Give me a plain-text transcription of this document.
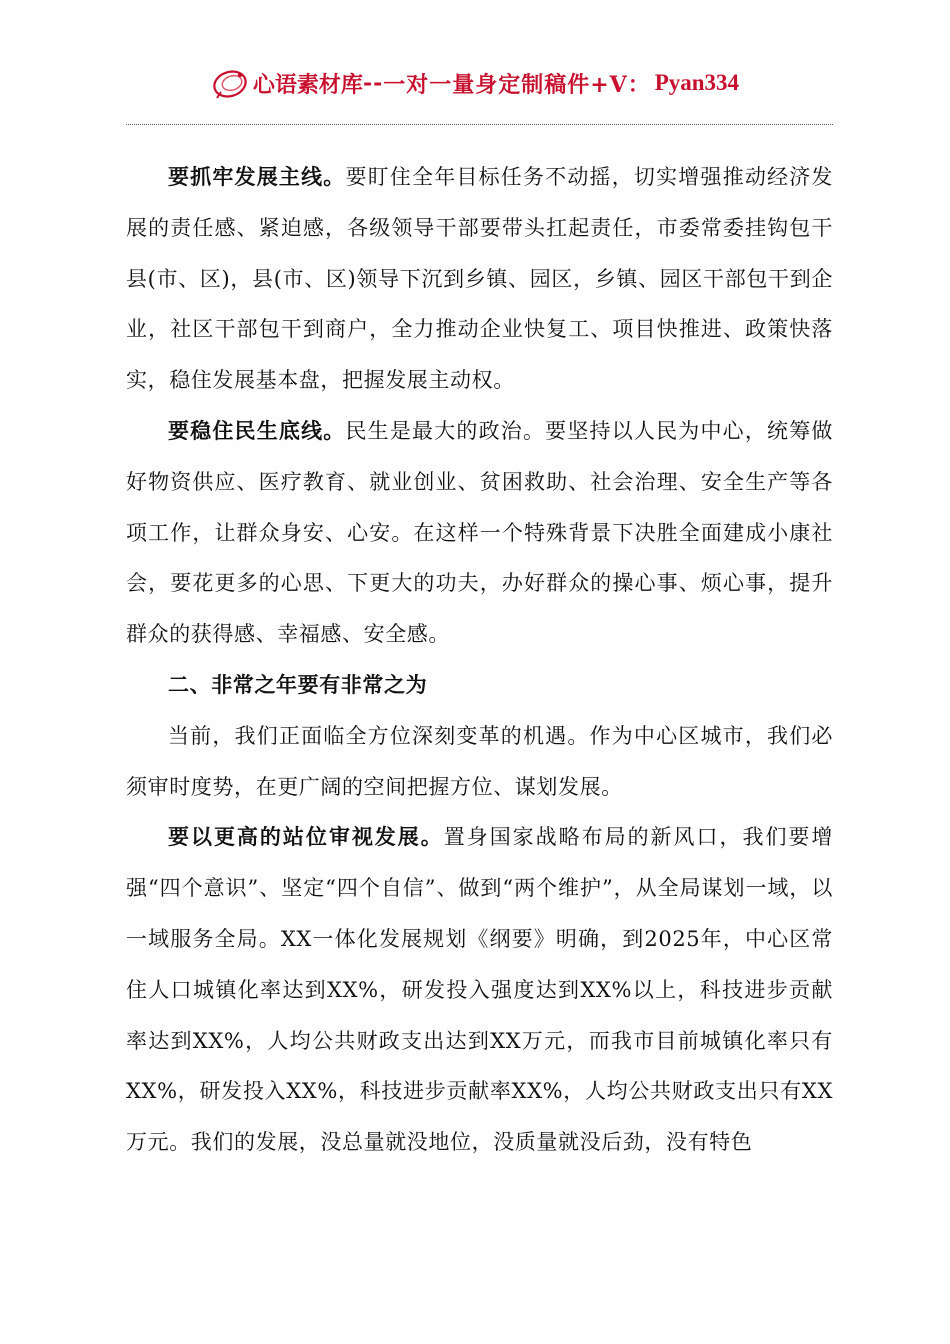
心语素材库 -- 一对一量身定制稿件+V： Pyan334

要抓牢发展主线。要盯住全年目标任务不动摇，切实增强推动经济发展的责任感、紧迫感，各级领导干部要带头扛起责任，市委常委挂钩包干县(市、区)，县(市、区)领导下沉到乡镇、园区，乡镇、园区干部包干到企业，社区干部包干到商户，全力推动企业快复工、项目快推进、政策快落实，稳住发展基本盘，把握发展主动权。

要稳住民生底线。民生是最大的政治。要坚持以人民为中心，统筹做好物资供应、医疗教育、就业创业、贫困救助、社会治理、安全生产等各项工作，让群众身安、心安。在这样一个特殊背景下决胜全面建成小康社会，要花更多的心思、下更大的功夫，办好群众的操心事、烦心事，提升群众的获得感、幸福感、安全感。

二、非常之年要有非常之为

当前，我们正面临全方位深刻变革的机遇。作为中心区城市，我们必须审时度势，在更广阔的空间把握方位、谋划发展。

要以更高的站位审视发展。置身国家战略布局的新风口，我们要增强“四个意识”、坚定“四个自信”、做到“两个维护”，从全局谋划一域，以一域服务全局。XX一体化发展规划《纲要》明确，到2025年，中心区常住人口城镇化率达到XX%，研发投入强度达到XX%以上，科技进步贡献率达到XX%，人均公共财政支出达到XX万元，而我市目前城镇化率只有XX%，研发投入XX%，科技进步贡献率XX%，人均公共财政支出只有XX万元。我们的发展，没总量就没地位，没质量就没后劲，没有特色
